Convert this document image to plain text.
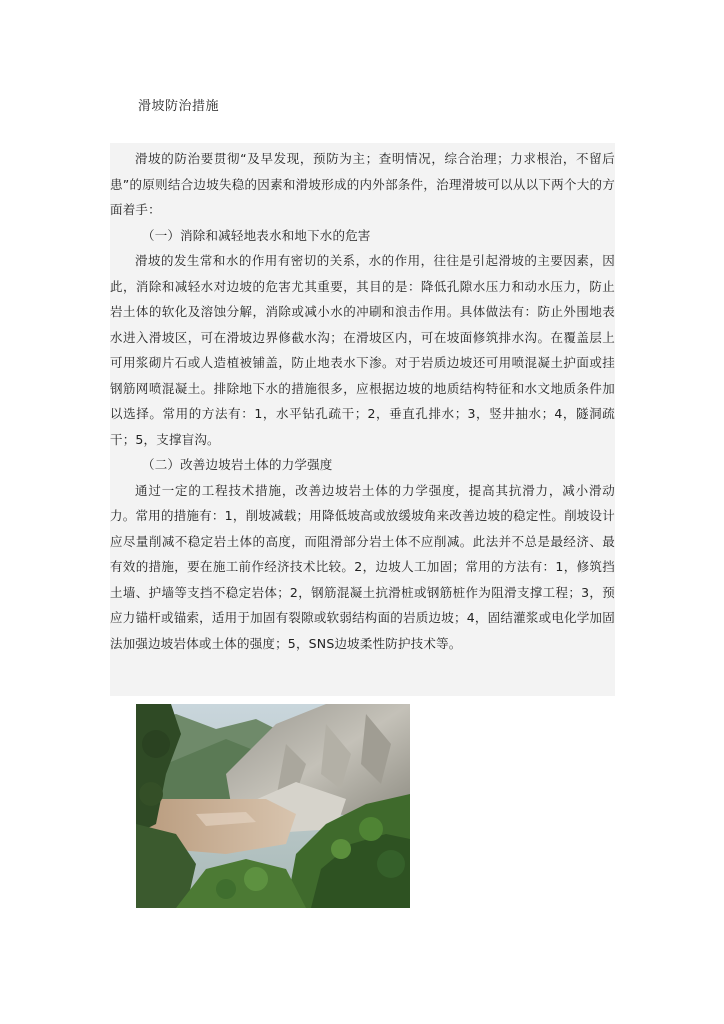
滑坡防治措施

滑坡的防治要贯彻“及早发现，预防为主；查明情况，综合治理；力求根治，不留后患”的原则结合边坡失稳的因素和滑坡形成的内外部条件，治理滑坡可以从以下两个大的方面着手：

（一）消除和减轻地表水和地下水的危害

滑坡的发生常和水的作用有密切的关系，水的作用，往往是引起滑坡的主要因素，因此，消除和减轻水对边坡的危害尤其重要，其目的是：降低孔隙水压力和动水压力，防止岩土体的软化及溶蚀分解，消除或减小水的冲刷和浪击作用。具体做法有：防止外围地表水进入滑坡区，可在滑坡边界修截水沟；在滑坡区内，可在坡面修筑排水沟。在覆盖层上可用浆砌片石或人造植被铺盖，防止地表水下渗。对于岩质边坡还可用喷混凝土护面或挂钢筋网喷混凝土。排除地下水的措施很多，应根据边坡的地质结构特征和水文地质条件加以选择。常用的方法有：1，水平钻孔疏干；2，垂直孔排水；3，竖井抽水；4，隧洞疏干；5，支撑盲沟。

（二）改善边坡岩土体的力学强度

通过一定的工程技术措施，改善边坡岩土体的力学强度，提高其抗滑力，减小滑动力。常用的措施有：1，削坡减载；用降低坡高或放缓坡角来改善边坡的稳定性。削坡设计应尽量削减不稳定岩土体的高度，而阻滑部分岩土体不应削减。此法并不总是最经济、最有效的措施，要在施工前作经济技术比较。2，边坡人工加固；常用的方法有：1，修筑挡土墙、护墙等支挡不稳定岩体；2，钢筋混凝土抗滑桩或钢筋桩作为阻滑支撑工程；3，预应力锚杆或锚索，适用于加固有裂隙或软弱结构面的岩质边坡；4，固结灌浆或电化学加固法加强边坡岩体或土体的强度；5，SNS边坡柔性防护技术等。
